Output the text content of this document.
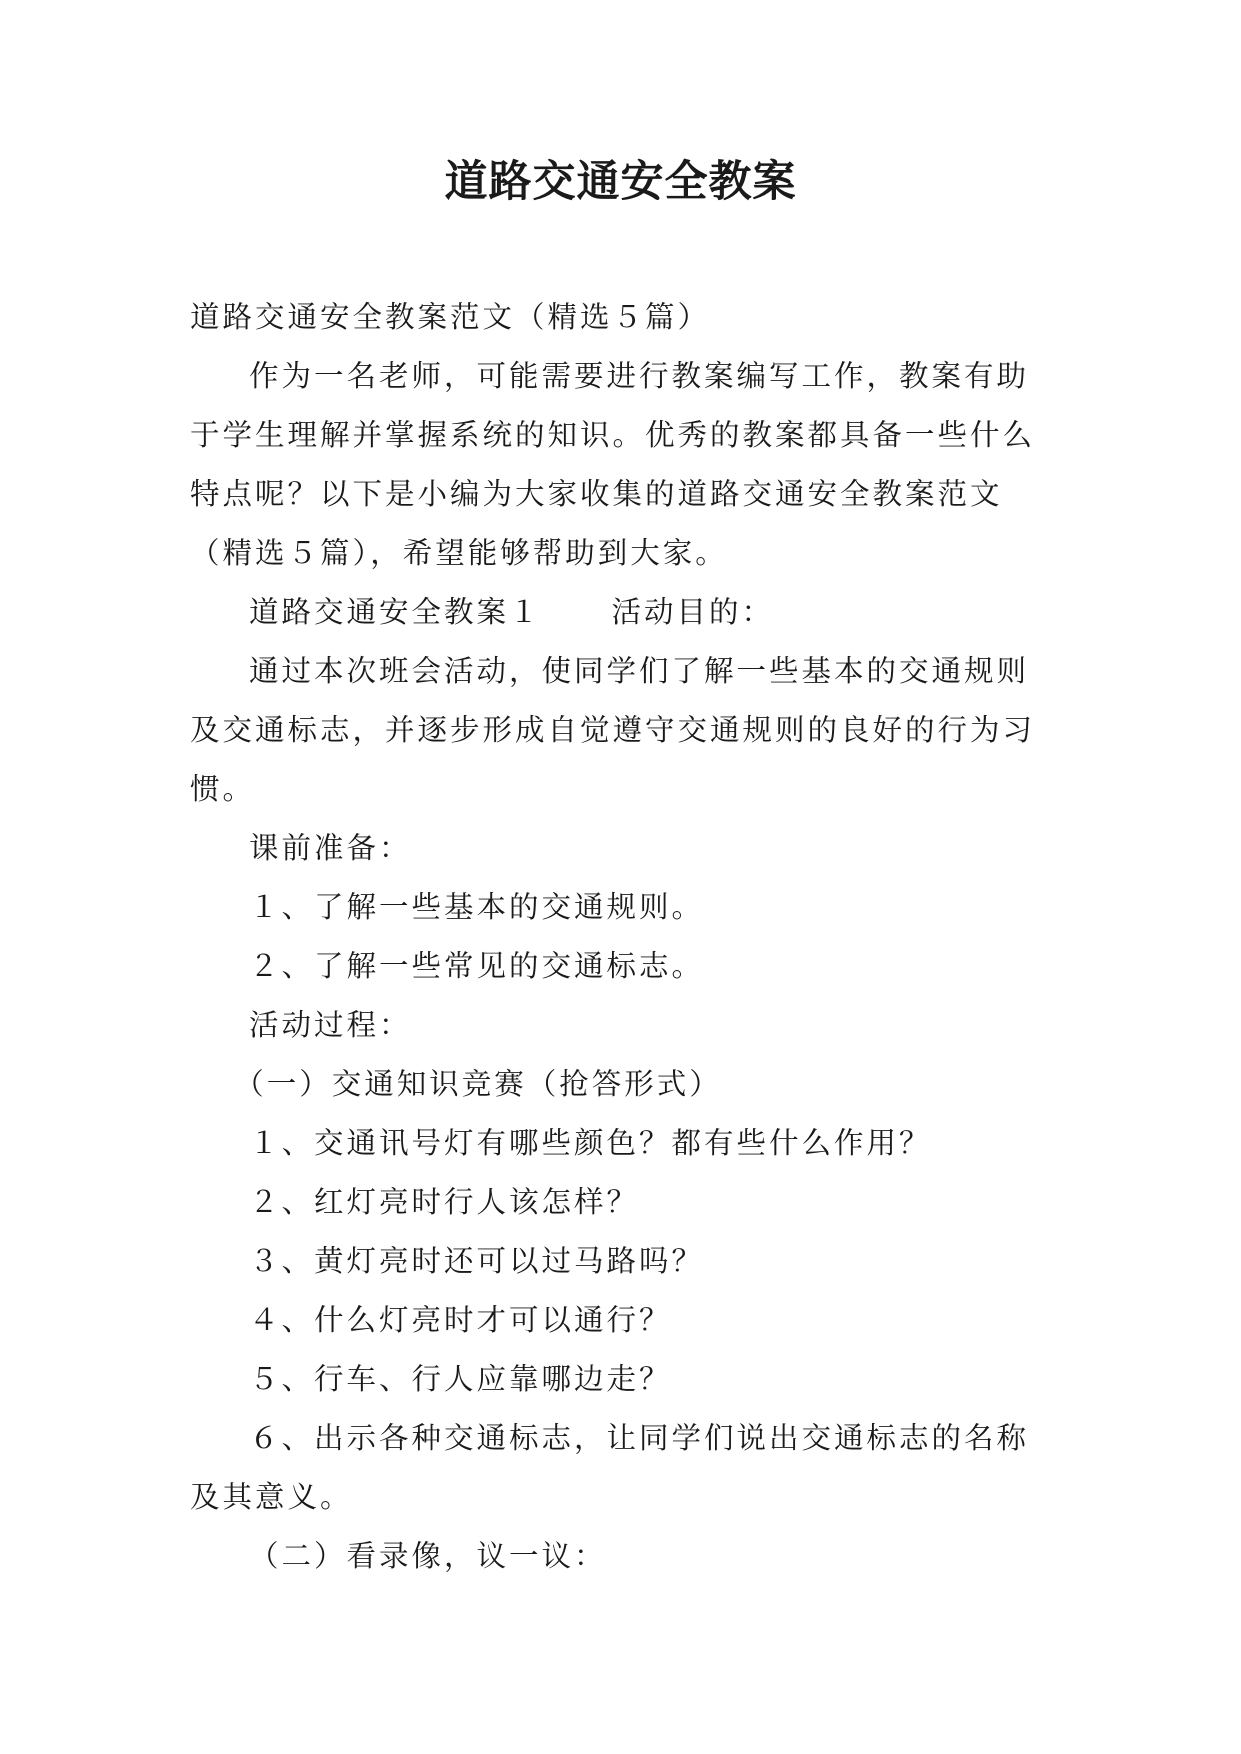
道路交通安全教案

道路交通安全教案范文（精选５篇）

作为一名老师，可能需要进行教案编写工作，教案有助于学生理解并掌握系统的知识。优秀的教案都具备一些什么特点呢？以下是小编为大家收集的道路交通安全教案范文（精选５篇），希望能够帮助到大家。

道路交通安全教案１ 活动目的：

通过本次班会活动，使同学们了解一些基本的交通规则及交通标志，并逐步形成自觉遵守交通规则的良好的行为习惯。

课前准备：

１、了解一些基本的交通规则。

２、了解一些常见的交通标志。

活动过程：

（一）交通知识竞赛（抢答形式）

１、交通讯号灯有哪些颜色？都有些什么作用？

２、红灯亮时行人该怎样？

３、黄灯亮时还可以过马路吗？

４、什么灯亮时才可以通行？

５、行车、行人应靠哪边走？

６、出示各种交通标志，让同学们说出交通标志的名称及其意义。

（二）看录像，议一议：
